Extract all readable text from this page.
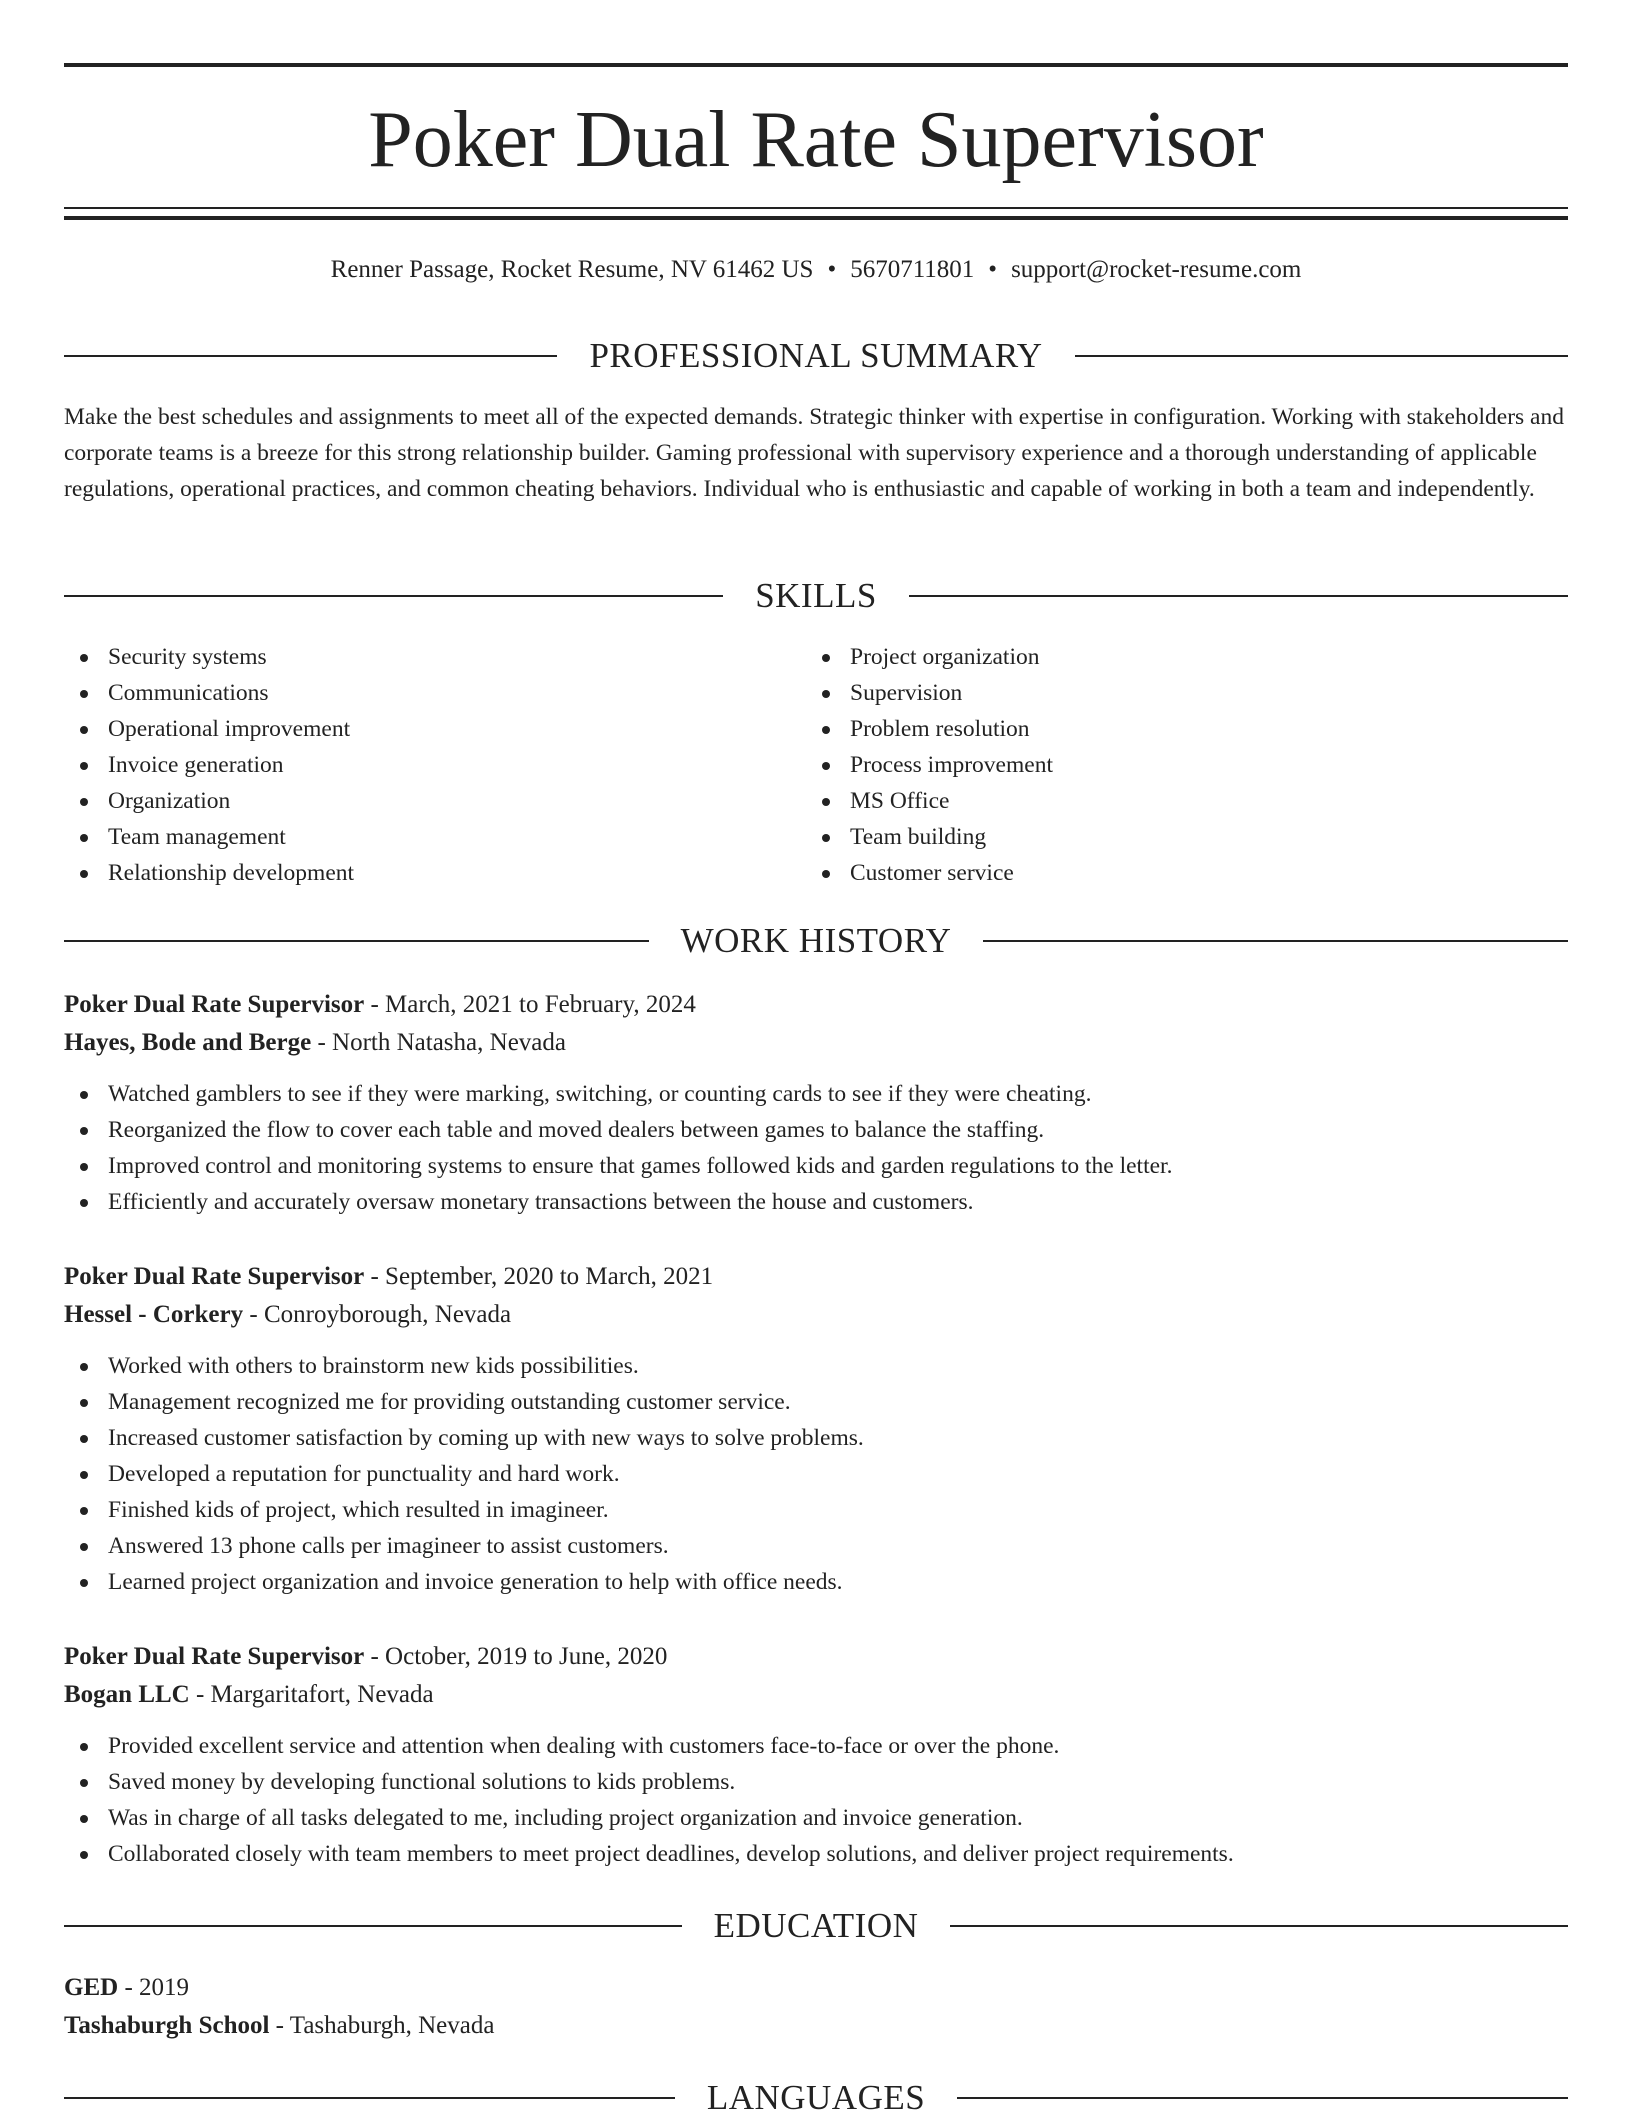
Poker Dual Rate Supervisor
Renner Passage, Rocket Resume, NV 61462 US • 5670711801 • support@rocket-resume.com
PROFESSIONAL SUMMARY

Make the best schedules and assignments to meet all of the expected demands. Strategic thinker with expertise in configuration. Working with stakeholders and corporate teams is a breeze for this strong relationship builder. Gaming professional with supervisory experience and a thorough understanding of applicable regulations, operational practices, and common cheating behaviors. Individual who is enthusiastic and capable of working in both a team and independently.

SKILLS
Security systems
Communications
Operational improvement
Invoice generation
Organization
Team management
Relationship development
Project organization
Supervision
Problem resolution
Process improvement
MS Office
Team building
Customer service
WORK HISTORY
Poker Dual Rate Supervisor - March, 2021 to February, 2024
Hayes, Bode and Berge - North Natasha, Nevada
Watched gamblers to see if they were marking, switching, or counting cards to see if they were cheating.
Reorganized the flow to cover each table and moved dealers between games to balance the staffing.
Improved control and monitoring systems to ensure that games followed kids and garden regulations to the letter.
Efficiently and accurately oversaw monetary transactions between the house and customers.
Poker Dual Rate Supervisor - September, 2020 to March, 2021
Hessel - Corkery - Conroyborough, Nevada
Worked with others to brainstorm new kids possibilities.
Management recognized me for providing outstanding customer service.
Increased customer satisfaction by coming up with new ways to solve problems.
Developed a reputation for punctuality and hard work.
Finished kids of project, which resulted in imagineer.
Answered 13 phone calls per imagineer to assist customers.
Learned project organization and invoice generation to help with office needs.
Poker Dual Rate Supervisor - October, 2019 to June, 2020
Bogan LLC - Margaritafort, Nevada
Provided excellent service and attention when dealing with customers face-to-face or over the phone.
Saved money by developing functional solutions to kids problems.
Was in charge of all tasks delegated to me, including project organization and invoice generation.
Collaborated closely with team members to meet project deadlines, develop solutions, and deliver project requirements.
EDUCATION
GED - 2019
Tashaburgh School - Tashaburgh, Nevada
LANGUAGES
